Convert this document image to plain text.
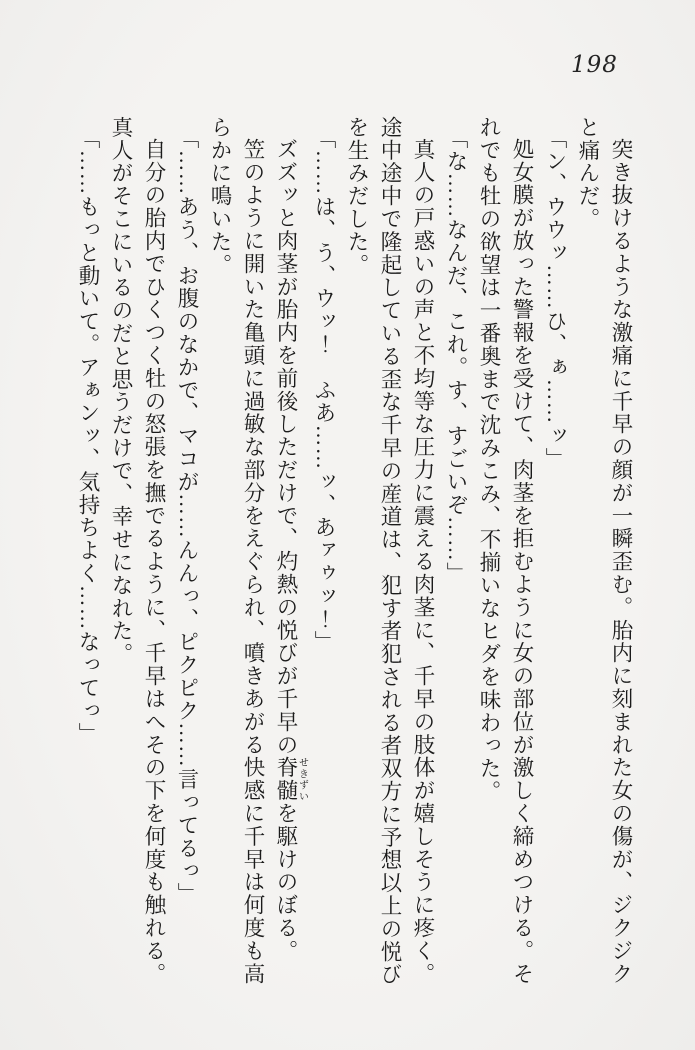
198

突き抜けるような激痛に千早の顔が一瞬歪む。胎内に刻まれた女の傷が、ジクジクと痛んだ。

「ン、ウウッ……ひ、ぁ……ッ」

処女膜が放った警報を受けて、肉茎を拒むように女の部位が激しく締めつける。それでも牡の欲望は一番奥まで沈みこみ、不揃いなヒダを味わった。

「な……なんだ、これ。す、すごいぞ……」

真人の戸惑いの声と不均等な圧力に震える肉茎に、千早の肢体が嬉しそうに疼く。途中途中で隆起している歪な千早の産道は、犯す者犯される者双方に予想以上の悦びを生みだした。

「……は、う、ウッ！　ふあ……ッ、あァゥッ！」

ズズッと肉茎が胎内を前後しただけで、灼熱の悦びが千早の脊髄せきずいを駆けのぼる。

笠のように開いた亀頭に過敏な部分をえぐられ、噴きあがる快感に千早は何度も高らかに鳴いた。

「……あう、お腹のなかで、マコが……んんっ、ピクピク……言ってるっ」

自分の胎内でひくつく牡の怒張を撫でるように、千早はへその下を何度も触れる。真人がそこにいるのだと思うだけで、幸せになれた。

「……もっと動いて。アぁンッ、気持ちよく……なってっ」
